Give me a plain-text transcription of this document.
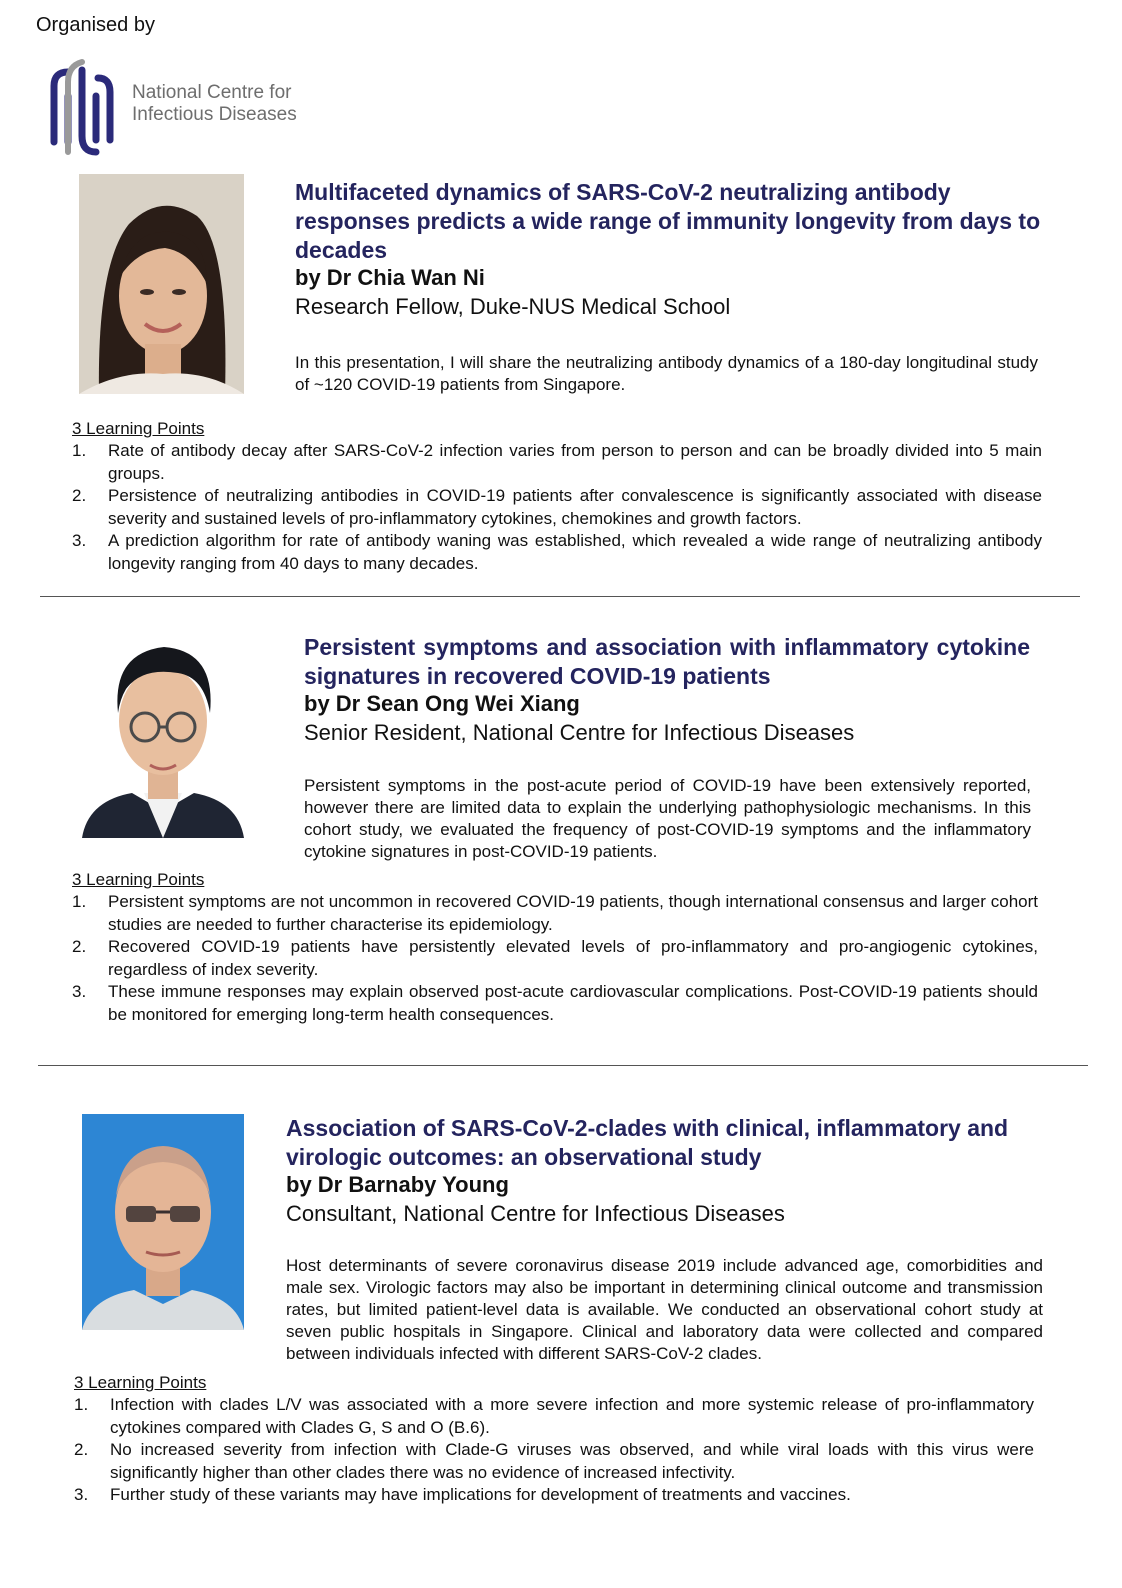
Organised by
National Centre for
Infectious Diseases
Multifaceted dynamics of SARS-CoV-2 neutralizing antibody responses predicts a wide range of immunity longevity from days to decades
by Dr Chia Wan Ni
Research Fellow, Duke-NUS Medical School
In this presentation, I will share the neutralizing antibody dynamics of a 180-day longitudinal study of ~120 COVID-19 patients from Singapore.
3 Learning Points
1. Rate of antibody decay after SARS-CoV-2 infection varies from person to person and can be broadly divided into 5 main groups.
2. Persistence of neutralizing antibodies in COVID-19 patients after convalescence is significantly associated with disease severity and sustained levels of pro-inflammatory cytokines, chemokines and growth factors.
3. A prediction algorithm for rate of antibody waning was established, which revealed a wide range of neutralizing antibody longevity ranging from 40 days to many decades.
Persistent symptoms and association with inflammatory cytokine signatures in recovered COVID-19 patients
by Dr Sean Ong Wei Xiang
Senior Resident, National Centre for Infectious Diseases
Persistent symptoms in the post-acute period of COVID-19 have been extensively reported, however there are limited data to explain the underlying pathophysiologic mechanisms. In this cohort study, we evaluated the frequency of post-COVID-19 symptoms and the inflammatory cytokine signatures in post-COVID-19 patients.
3 Learning Points
1. Persistent symptoms are not uncommon in recovered COVID-19 patients, though international consensus and larger cohort studies are needed to further characterise its epidemiology.
2. Recovered COVID-19 patients have persistently elevated levels of pro-inflammatory and pro-angiogenic cytokines, regardless of index severity.
3. These immune responses may explain observed post-acute cardiovascular complications. Post-COVID-19 patients should be monitored for emerging long-term health consequences.
Association of SARS-CoV-2-clades with clinical, inflammatory and virologic outcomes: an observational study
by Dr Barnaby Young
Consultant, National Centre for Infectious Diseases
Host determinants of severe coronavirus disease 2019 include advanced age, comorbidities and male sex. Virologic factors may also be important in determining clinical outcome and transmission rates, but limited patient-level data is available. We conducted an observational cohort study at seven public hospitals in Singapore. Clinical and laboratory data were collected and compared between individuals infected with different SARS-CoV-2 clades.
3 Learning Points
1. Infection with clades L/V was associated with a more severe infection and more systemic release of pro-inflammatory cytokines compared with Clades G, S and O (B.6).
2. No increased severity from infection with Clade-G viruses was observed, and while viral loads with this virus were significantly higher than other clades there was no evidence of increased infectivity.
3. Further study of these variants may have implications for development of treatments and vaccines.
